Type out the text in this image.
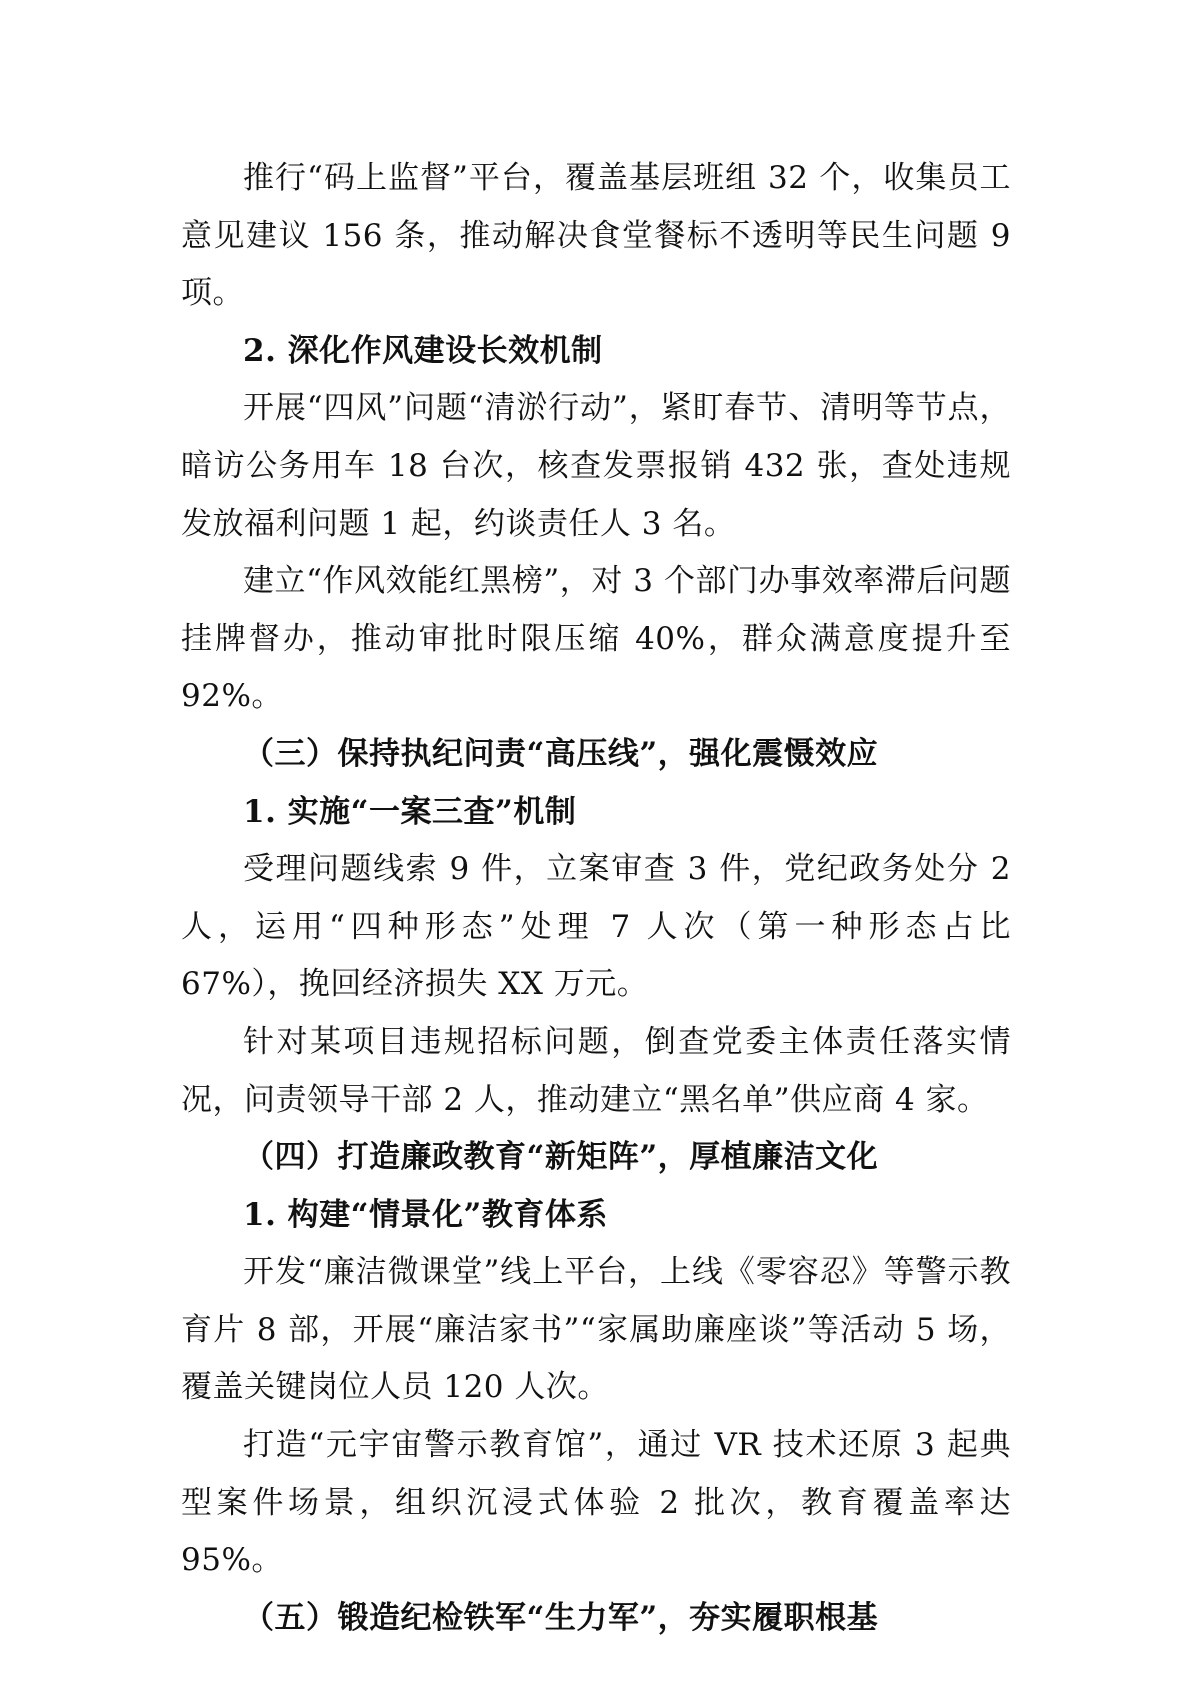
推行“码上监督”平台，覆盖基层班组 32 个，收集员工意见建议 156 条，推动解决食堂餐标不透明等民生问题 9 项。

2. 深化作风建设长效机制

开展“四风”问题“清淤行动”，紧盯春节、清明等节点，暗访公务用车 18 台次，核查发票报销 432 张，查处违规发放福利问题 1 起，约谈责任人 3 名。

建立“作风效能红黑榜”，对 3 个部门办事效率滞后问题挂牌督办，推动审批时限压缩 40%，群众满意度提升至 92%。

（三）保持执纪问责“高压线”，强化震慑效应

1. 实施“一案三查”机制

受理问题线索 9 件，立案审查 3 件，党纪政务处分 2 人，运用“四种形态”处理 7 人次（第一种形态占比 67%），挽回经济损失 XX 万元。

针对某项目违规招标问题，倒查党委主体责任落实情况，问责领导干部 2 人，推动建立“黑名单”供应商 4 家。

（四）打造廉政教育“新矩阵”，厚植廉洁文化

1. 构建“情景化”教育体系

开发“廉洁微课堂”线上平台，上线《零容忍》等警示教育片 8 部，开展“廉洁家书”“家属助廉座谈”等活动 5 场，覆盖关键岗位人员 120 人次。

打造“元宇宙警示教育馆”，通过 VR 技术还原 3 起典型案件场景，组织沉浸式体验 2 批次，教育覆盖率达 95%。

（五）锻造纪检铁军“生力军”，夯实履职根基
